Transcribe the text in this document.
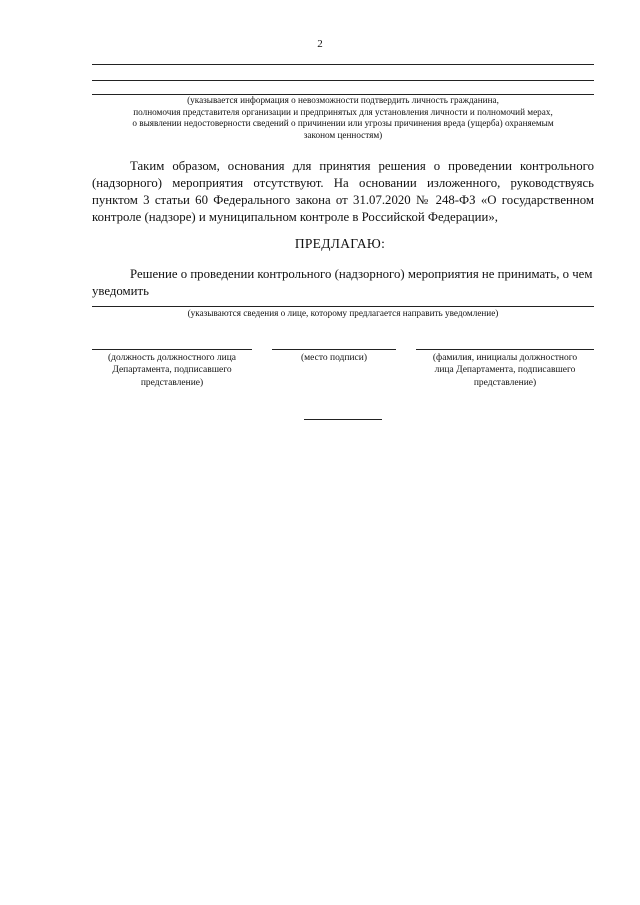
2
(указывается информация о невозможности подтвердить личность гражданина,
полномочия представителя организации и предпринятых для установления личности и полномочий мерах,
о выявлении недостоверности сведений о причинении или угрозы причинения вреда (ущерба) охраняемым
законом ценностям)
Таким образом, основания для принятия решения о проведении контрольного
(надзорного) мероприятия отсутствуют. На основании изложенного, руководствуясь
пунктом 3 статьи 60 Федерального закона от 31.07.2020 № 248-ФЗ «О государственном
контроле (надзоре) и муниципальном контроле в Российской Федерации»,
ПРЕДЛАГАЮ:
Решение о проведении контрольного (надзорного) мероприятия не принимать, о чем
уведомить
(указываются сведения о лице, которому предлагается направить уведомление)
(должность должностного лица
Департамента, подписавшего
представление)
(место подписи)	(фамилия, инициалы должностного
лица Департамента, подписавшего
представление)
